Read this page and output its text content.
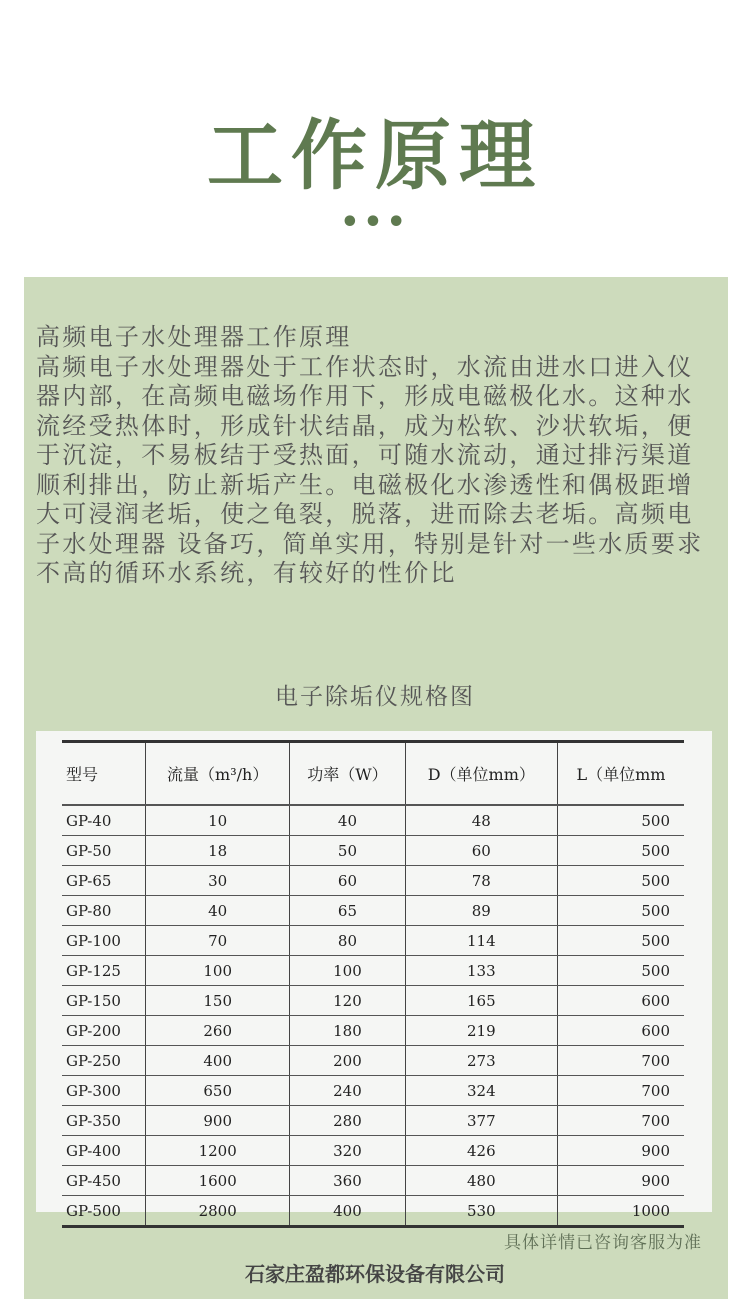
工作原理
•••
高频电子水处理器工作原理
高频电子水处理器处于工作状态时，水流由进水口进入仪器内部，在高频电磁场作用下，形成电磁极化水。这种水流经受热体时，形成针状结晶，成为松软、沙状软垢，便于沉淀，不易板结于受热面，可随水流动，通过排污渠道顺利排出，防止新垢产生。电磁极化水渗透性和偶极距增大可浸润老垢，使之龟裂，脱落，进而除去老垢。高频电子水处理器 设备巧，简单实用，特别是针对一些水质要求不高的循环水系统，有较好的性价比
电子除垢仪规格图
型号	流量（m³/h）	功率（W）	D（单位mm）	L（单位mm
GP-40	10	40	48	500
GP-50	18	50	60	500
GP-65	30	60	78	500
GP-80	40	65	89	500
GP-100	70	80	114	500
GP-125	100	100	133	500
GP-150	150	120	165	600
GP-200	260	180	219	600
GP-250	400	200	273	700
GP-300	650	240	324	700
GP-350	900	280	377	700
GP-400	1200	320	426	900
GP-450	1600	360	480	900
GP-500	2800	400	530	1000
具体详情已咨询客服为准
石家庄盈都环保设备有限公司
